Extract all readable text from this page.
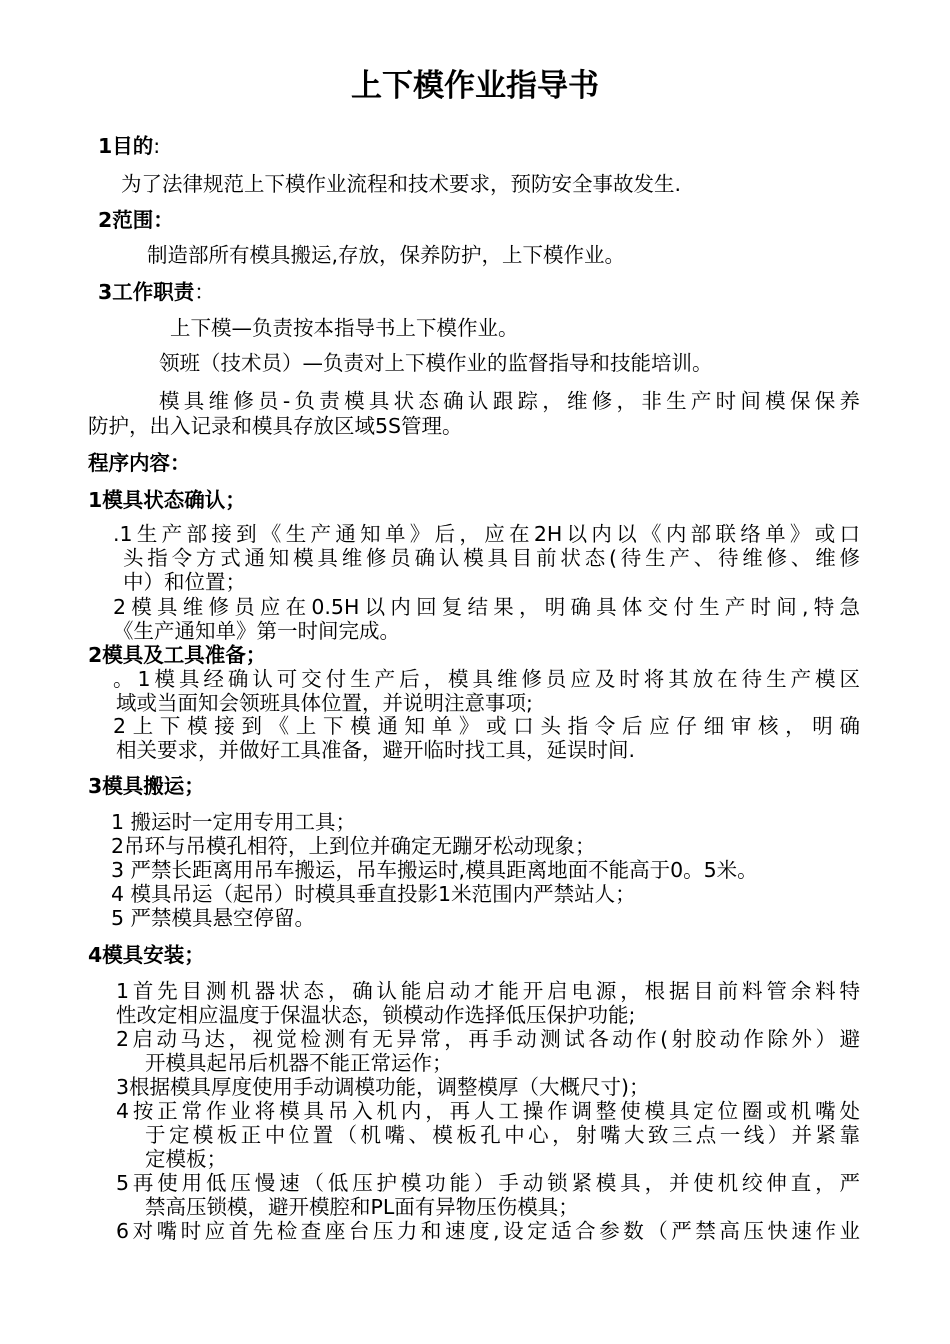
上下模作业指导书
1目的:
为了法律规范上下模作业流程和技术要求，预防安全事故发生.
2范围：
制造部所有模具搬运,存放，保养防护，上下模作业。
3工作职责：
上下模—负责按本指导书上下模作业。
领班（技术员）—负责对上下模作业的监督指导和技能培训。
模具维修员-负责模具状态确认跟踪，维修，非生产时间模保保养
防护，出入记录和模具存放区域5S管理。
程序内容：
1模具状态确认；
.1生产部接到《生产通知单》后，应在2H以内以《内部联络单》或口
头指令方式通知模具维修员确认模具目前状态(待生产、待维修、维修
中）和位置；
2模具维修员应在0.5H以内回复结果，明确具体交付生产时间,特急
《生产通知单》第一时间完成。
2模具及工具准备；
。1模具经确认可交付生产后，模具维修员应及时将其放在待生产模区
域或当面知会领班具体位置，并说明注意事项;
2上下模接到《上下模通知单》或口头指令后应仔细审核，明确
相关要求，并做好工具准备，避开临时找工具，延误时间.
3模具搬运；
1 搬运时一定用专用工具；
2吊环与吊模孔相符，上到位并确定无蹦牙松动现象；
3 严禁长距离用吊车搬运，吊车搬运时,模具距离地面不能高于0。5米。
4 模具吊运（起吊）时模具垂直投影1米范围内严禁站人；
5 严禁模具悬空停留。
4模具安装；
1首先目测机器状态，确认能启动才能开启电源，根据目前料管余料特
性改定相应温度于保温状态，锁模动作选择低压保护功能;
2启动马达，视觉检测有无异常，再手动测试各动作(射胶动作除外）避
开模具起吊后机器不能正常运作；
3根据模具厚度使用手动调模功能，调整模厚（大概尺寸)；
4按正常作业将模具吊入机内，再人工操作调整使模具定位圈或机嘴处
于定模板正中位置（机嘴、模板孔中心，射嘴大致三点一线）并紧靠
定模板；
5再使用低压慢速（低压护模功能）手动锁紧模具，并使机绞伸直，严
禁高压锁模，避开模腔和PL面有异物压伤模具；
6对嘴时应首先检查座台压力和速度,设定适合参数（严禁高压快速作业
